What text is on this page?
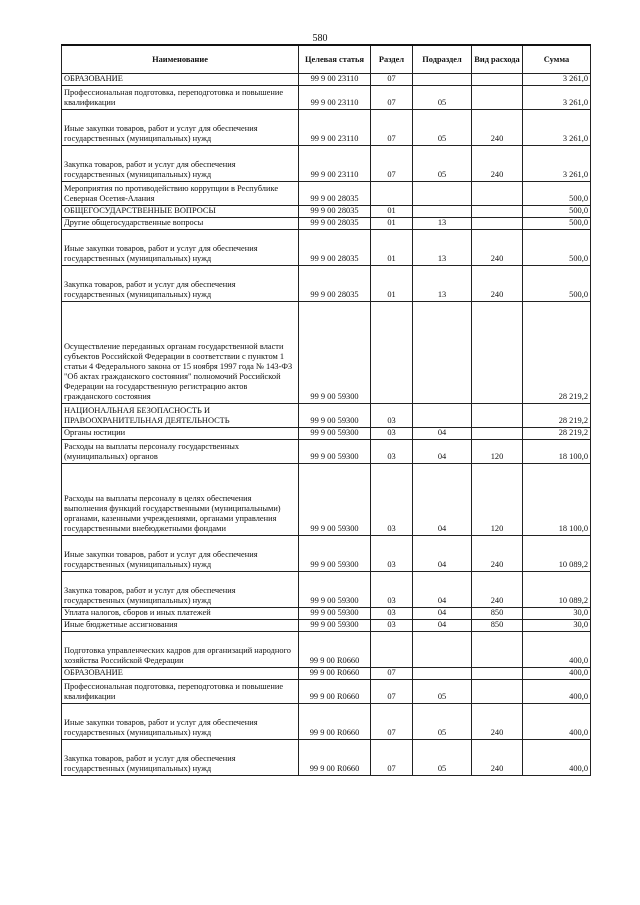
580
Наименование	Целевая статья	Раздел	Подраздел	Вид расхода	Сумма
ОБРАЗОВАНИЕ	99 9 00 23110	07			3 261,0
Профессиональная подготовка, переподготовка и повышение квалификации	99 9 00 23110	07	05		3 261,0
Иные закупки товаров, работ и услуг для обеспечения государственных (муниципальных) нужд	99 9 00 23110	07	05	240	3 261,0
Закупка товаров, работ и услуг для обеспечения государственных (муниципальных) нужд	99 9 00 23110	07	05	240	3 261,0
Мероприятия по противодействию коррупции в Республике Северная Осетия-Алания	99 9 00 28035				500,0
ОБЩЕГОСУДАРСТВЕННЫЕ ВОПРОСЫ	99 9 00 28035	01			500,0
Другие общегосударственные вопросы	99 9 00 28035	01	13		500,0
Иные закупки товаров, работ и услуг для обеспечения государственных (муниципальных) нужд	99 9 00 28035	01	13	240	500,0
Закупка товаров, работ и услуг для обеспечения государственных (муниципальных) нужд	99 9 00 28035	01	13	240	500,0
Осуществление переданных органам государственной власти субъектов Российской Федерации в соответствии с пунктом 1 статьи 4 Федерального закона от 15 ноября 1997 года № 143-ФЗ "Об актах гражданского состояния" полномочий Российской Федерации на государственную регистрацию актов гражданского состояния	99 9 00 59300				28 219,2
НАЦИОНАЛЬНАЯ БЕЗОПАСНОСТЬ И ПРАВООХРАНИТЕЛЬНАЯ ДЕЯТЕЛЬНОСТЬ	99 9 00 59300	03			28 219,2
Органы юстиции	99 9 00 59300	03	04		28 219,2
Расходы на выплаты персоналу государственных (муниципальных) органов	99 9 00 59300	03	04	120	18 100,0
Расходы на выплаты персоналу в целях обеспечения выполнения функций государственными (муниципальными) органами, казенными учреждениями, органами управления государственными внебюджетными фондами	99 9 00 59300	03	04	120	18 100,0
Иные закупки товаров, работ и услуг для обеспечения государственных (муниципальных) нужд	99 9 00 59300	03	04	240	10 089,2
Закупка товаров, работ и услуг для обеспечения государственных (муниципальных) нужд	99 9 00 59300	03	04	240	10 089,2
Уплата налогов, сборов и иных платежей	99 9 00 59300	03	04	850	30,0
Иные бюджетные ассигнования	99 9 00 59300	03	04	850	30,0
Подготовка управленческих кадров для организаций народного хозяйства Российской Федерации	99 9 00 R0660				400,0
ОБРАЗОВАНИЕ	99 9 00 R0660	07			400,0
Профессиональная подготовка, переподготовка и повышение квалификации	99 9 00 R0660	07	05		400,0
Иные закупки товаров, работ и услуг для обеспечения государственных (муниципальных) нужд	99 9 00 R0660	07	05	240	400,0
Закупка товаров, работ и услуг для обеспечения государственных (муниципальных) нужд	99 9 00 R0660	07	05	240	400,0
